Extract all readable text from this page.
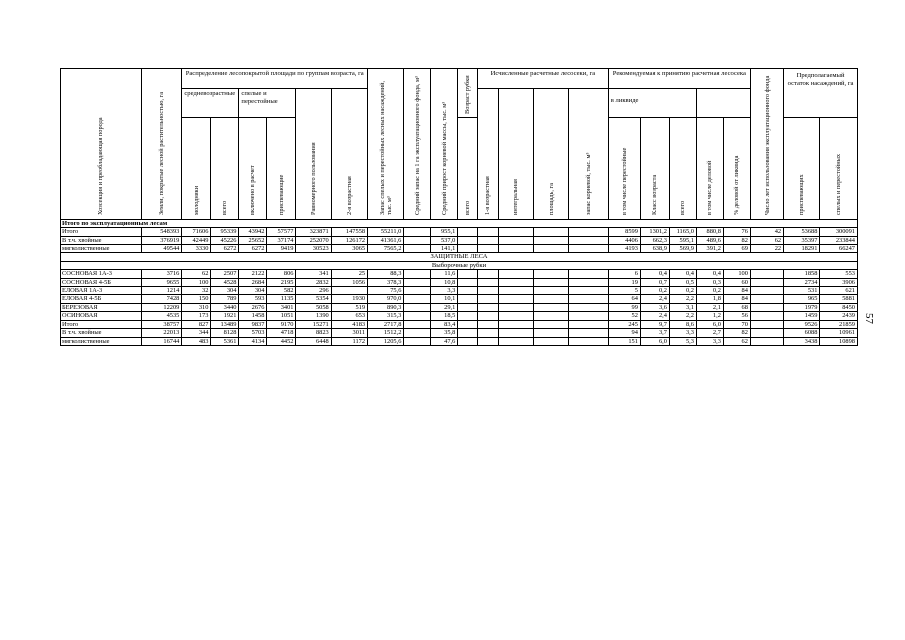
Хозсекция и преобладающая порода	Земли, покрытые лесной растительностью, га	Распределение лесопокрытой площади по группам возраста, га						Запас спелых и перестойных лесных насаждений, тыс. м³	Средний запас на 1 га эксплуатационного фонда, м³	Средний прирост корневой массы, тыс. м³	Возраст рубки	Исчисленные расчетные лесосеки, га				Рекомендуемая к принятию расчетная лесосека					Число лет использования эксплуатационного фонда	Предполагаемый остаток насаждений, га	

		средневозрастные		спелые и перестойные		Равномерного пользования	2-я возрастная					1-я возрастная	интегральная	площадь, га	запас корневой, тыс. м³	в ликвиде							

		молодняки	всего	включено в расчет	приспевающие						всего					в том числе перестойные	Класс возраста	всего	в том числе деловой	% деловой от ликвида		приспевающих	спелых и перестойных
Итого по эксплуатационным лесам																							
Итого	548393	71606	95339	43942	57577	323871	147558	55211,0		955,1						8599	1301,2	1165,0	880,8	76	42	53688	300091
В т.ч. хвойные	376919	42449	45226	25652	37174	252070	126172	41361,6		537,0						4406	662,3	595,1	489,6	82	62	35397	233844
мягколиственные	49544	3330	6272	6272	9419	30523	3065	7565,2		141,1						4193	638,9	569,9	391,2	69	22	18291	66247
ЗАЩИТНЫЕ ЛЕСА																							
Выборочные рубки																							
СОСНОВАЯ 1А-3	3716	62	2507	2122	806	341	25	88,3		11,6						6	0,4	0,4	0,4	100		1858	553
СОСНОВАЯ 4-5Б	9655	100	4528	2684	2195	2832	1056	378,3		10,8						19	0,7	0,5	0,3	60		2734	3906
ЕЛОВАЯ 1А-3	1214	32	304	304	582	296		75,6		3,3						5	0,2	0,2	0,2	84		531	621
ЕЛОВАЯ 4-5Б	7428	150	789	593	1135	5354	1930	970,0		10,1						64	2,4	2,2	1,8	84		965	5881
БЕРЕЗОВАЯ	12209	310	3440	2676	3401	5058	519	890,3		29,1						99	3,6	3,1	2,1	68		1979	8450
ОСИНОВАЯ	4535	173	1921	1458	1051	1390	653	315,3		18,5						52	2,4	2,2	1,2	56		1459	2439
Итого	38757	827	13489	9837	9170	15271	4183	2717,8		83,4						245	9,7	8,6	6,0	70		9526	21859
В т.ч. хвойные	22013	344	8128	5703	4718	8823	3011	1512,2		35,8						94	3,7	3,3	2,7	82		6088	10961
мягколиственные	16744	483	5361	4134	4452	6448	1172	1205,6		47,6						151	6,0	5,3	3,3	62		3438	10898
57
